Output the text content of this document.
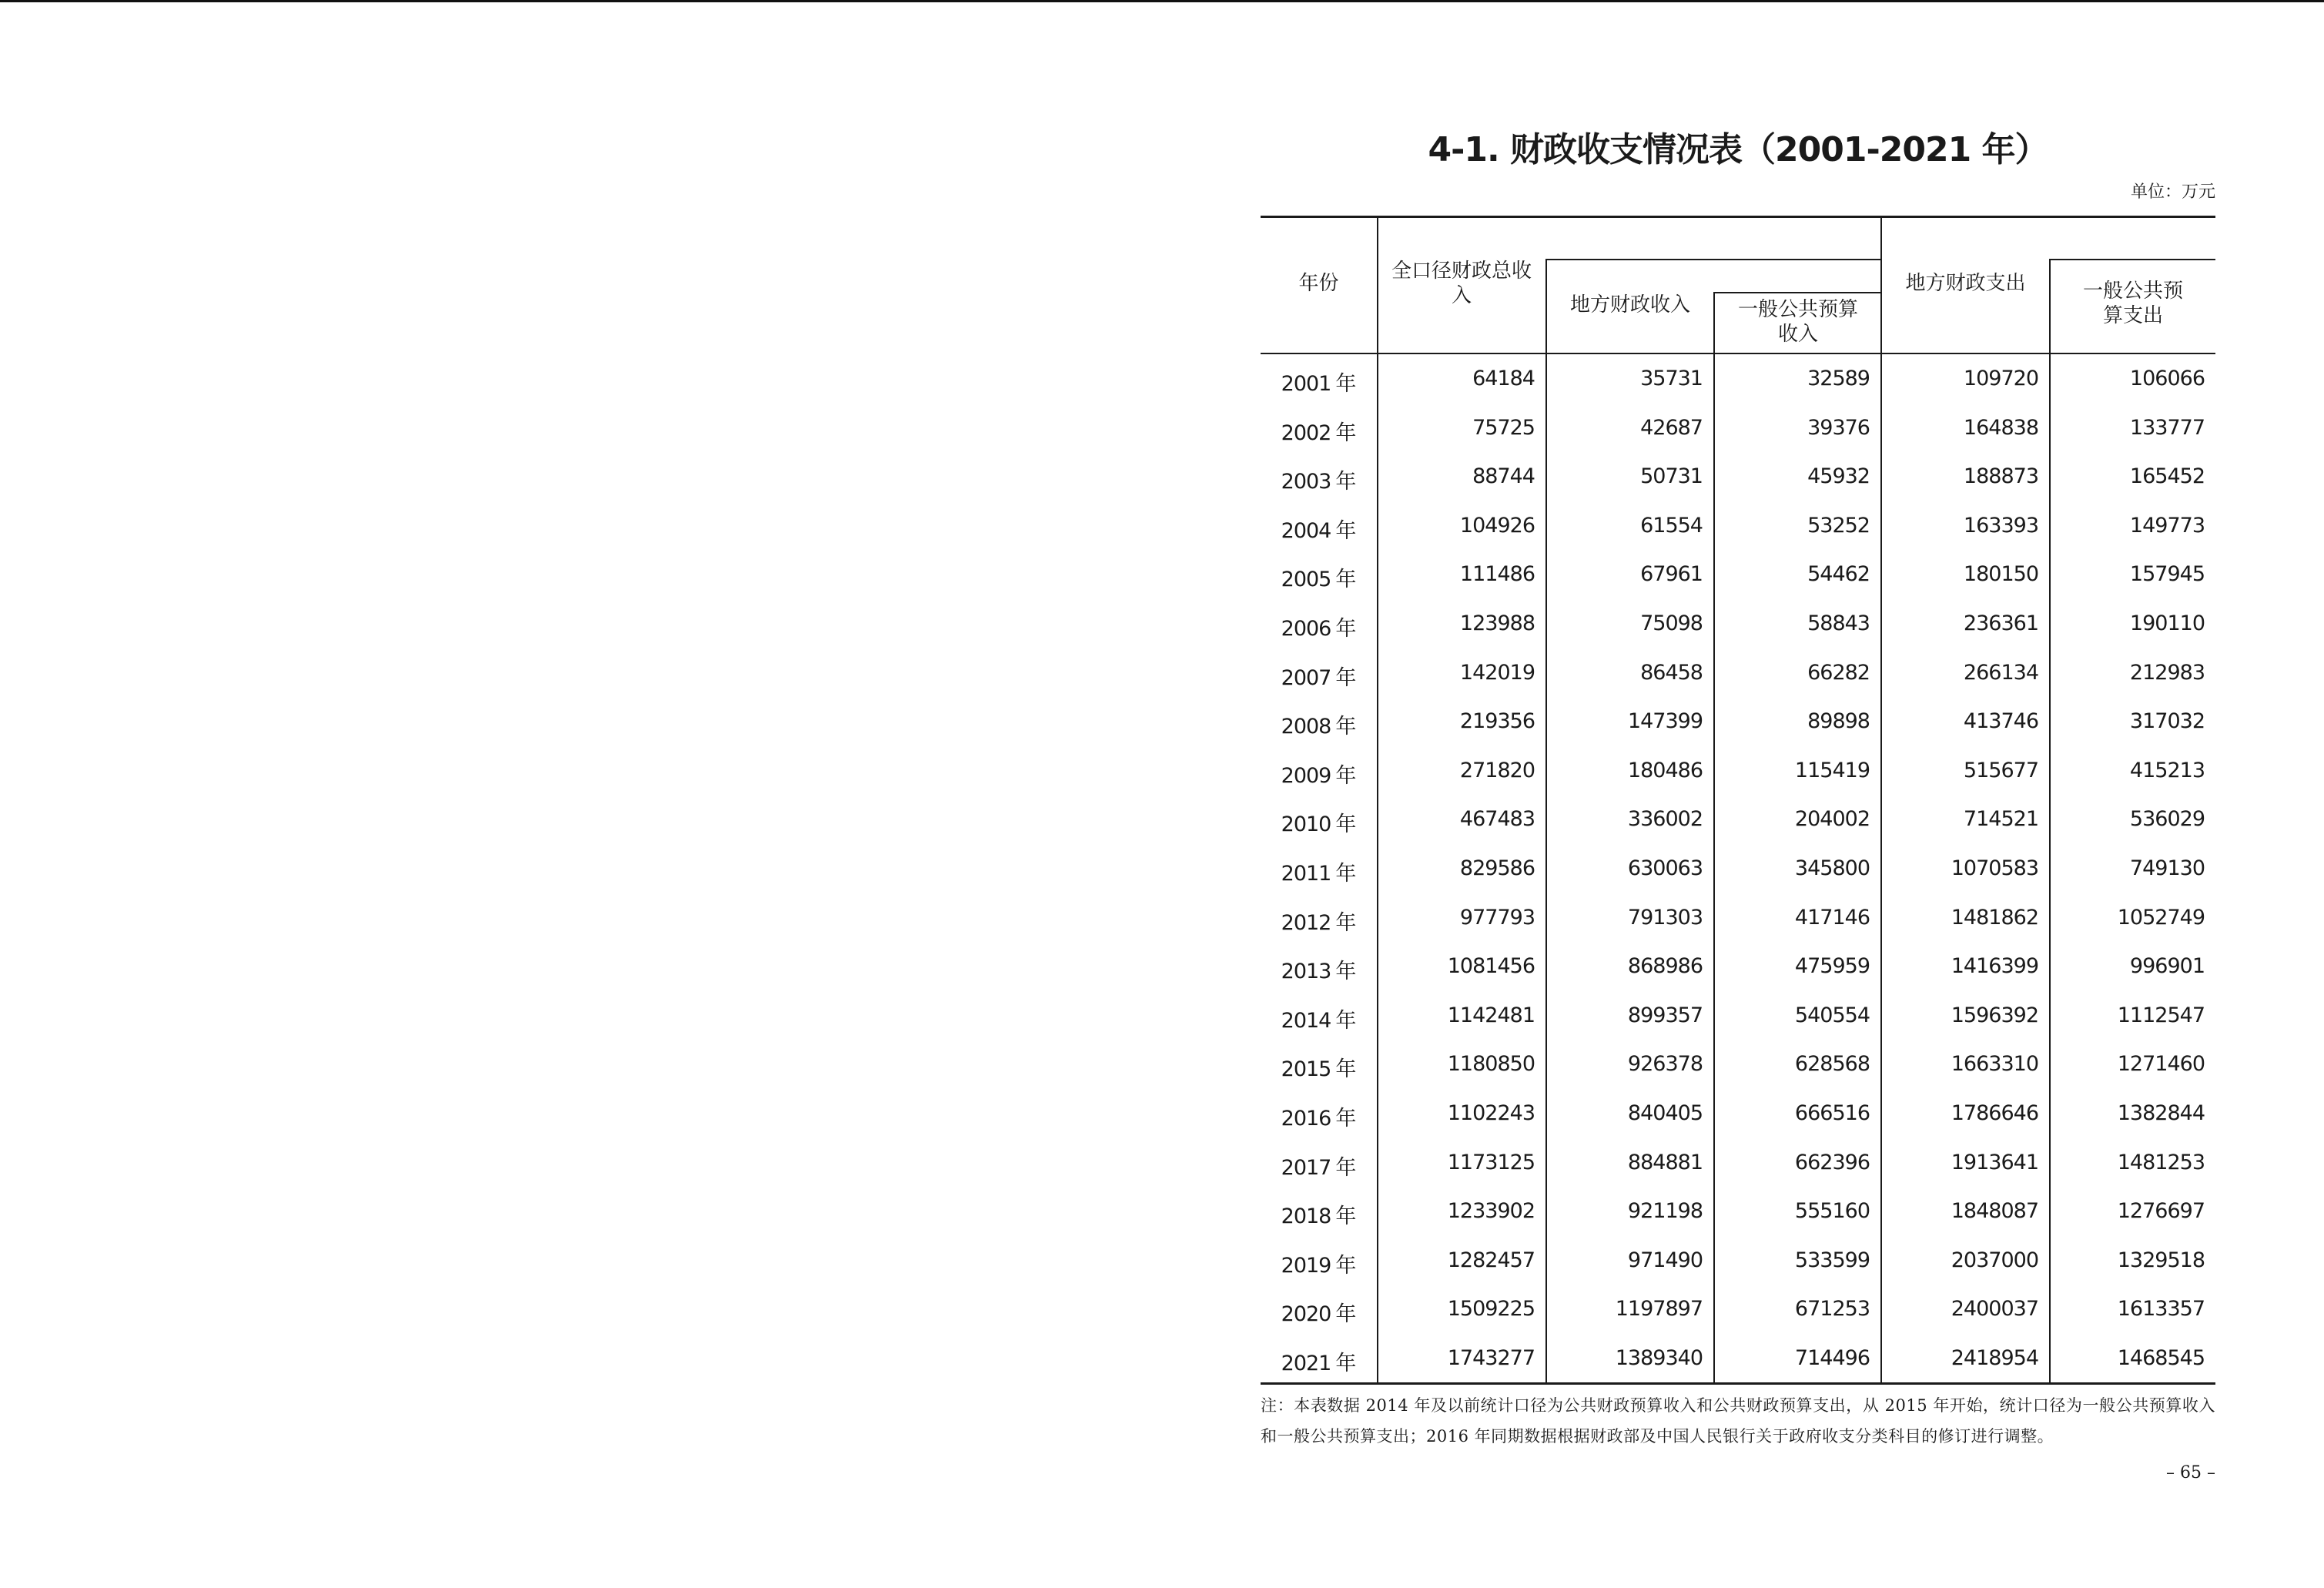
4-1. 财政收支情况表（2001-2021 年）
单位：万元
年份
全口径财政总收入	地方财政收入	一般公共预算收入
地方财政支出	一般公共预算支出
2001 年	64184	35731	32589	109720	106066
2002 年	75725	42687	39376	164838	133777
2003 年	88744	50731	45932	188873	165452
2004 年	104926	61554	53252	163393	149773
2005 年	111486	67961	54462	180150	157945
2006 年	123988	75098	58843	236361	190110
2007 年	142019	86458	66282	266134	212983
2008 年	219356	147399	89898	413746	317032
2009 年	271820	180486	115419	515677	415213
2010 年	467483	336002	204002	714521	536029
2011 年	829586	630063	345800	1070583	749130
2012 年	977793	791303	417146	1481862	1052749
2013 年	1081456	868986	475959	1416399	996901
2014 年	1142481	899357	540554	1596392	1112547
2015 年	1180850	926378	628568	1663310	1271460
2016 年	1102243	840405	666516	1786646	1382844
2017 年	1173125	884881	662396	1913641	1481253
2018 年	1233902	921198	555160	1848087	1276697
2019 年	1282457	971490	533599	2037000	1329518
2020 年	1509225	1197897	671253	2400037	1613357
2021 年	1743277	1389340	714496	2418954	1468545
注：本表数据 2014 年及以前统计口径为公共财政预算收入和公共财政预算支出，从 2015 年开始，统计口径为一般公共预算收入和一般公共预算支出；2016 年同期数据根据财政部及中国人民银行关于政府收支分类科目的修订进行调整。
– 65 –
